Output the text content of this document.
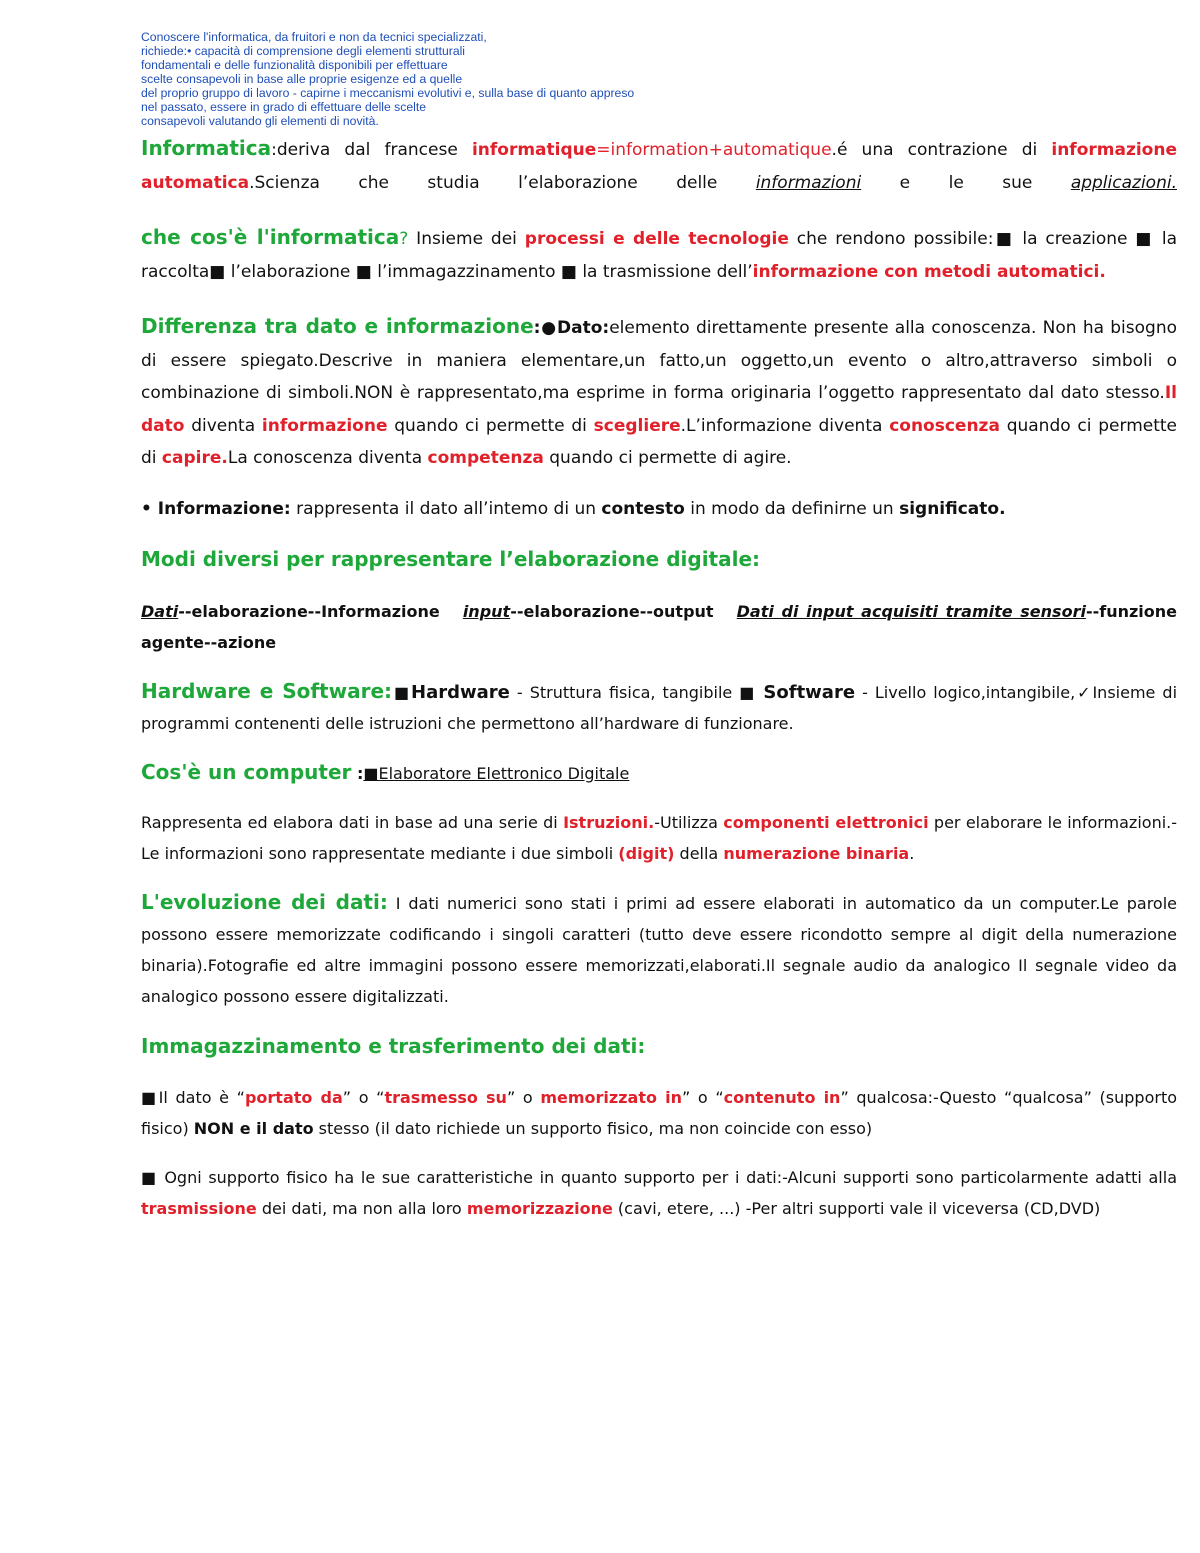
Conoscere l'informatica, da fruitori e non da tecnici specializzati,
richiede:• capacità di comprensione degli elementi strutturali
fondamentali e delle funzionalità disponibili per effettuare
scelte consapevoli in base alle proprie esigenze ed a quelle
del proprio gruppo di lavoro - capirne i meccanismi evolutivi e, sulla base di quanto appreso
nel passato, essere in grado di effettuare delle scelte
consapevoli valutando gli elementi di novità.

Informatica:deriva dal francese informatique=information+automatique.é una contrazione di informazione automatica.Scienza che studia l’elaborazione delle informazioni e le sue applicazioni.

che cos'è l'informatica? Insieme dei processi e delle tecnologie che rendono possibile:■ la creazione ■ la raccolta■ l’elaborazione ■ l’immagazzinamento ■ la trasmissione dell’informazione con metodi automatici.

Differenza tra dato e informazione:●Dato:elemento direttamente presente alla conoscenza. Non ha bisogno di essere spiegato.Descrive in maniera elementare,un fatto,un oggetto,un evento o altro,attraverso simboli o combinazione di simboli.NON è rappresentato,ma esprime in forma originaria l’oggetto rappresentato dal dato stesso.Il dato diventa informazione quando ci permette di scegliere.L’informazione diventa conoscenza quando ci permette di capire.La conoscenza diventa competenza quando ci permette di agire.

• Informazione: rappresenta il dato all’intemo di un contesto in modo da definirne un significato.

Modi diversi per rappresentare l’elaborazione digitale:

Dati--elaborazione--Informazione   input--elaborazione--output   Dati di input acquisiti tramite sensori--funzione agente--azione

Hardware e Software:■Hardware - Struttura fisica, tangibile ■ Software - Livello logico,intangibile,✓Insieme di programmi contenenti delle istruzioni che permettono all’hardware di funzionare.

Cos'è un computer :■Elaboratore Elettronico Digitale

Rappresenta ed elabora dati in base ad una serie di Istruzioni.-Utilizza componenti elettronici per elaborare le informazioni.-Le informazioni sono rappresentate mediante i due simboli (digit) della numerazione binaria.

L'evoluzione dei dati: I dati numerici sono stati i primi ad essere elaborati in automatico da un computer.Le parole possono essere memorizzate codificando i singoli caratteri (tutto deve essere ricondotto sempre al digit della numerazione binaria).Fotografie ed altre immagini possono essere memorizzati,elaborati.Il segnale audio da analogico Il segnale video da analogico possono essere digitalizzati.

Immagazzinamento e trasferimento dei dati:

■Il dato è “portato da” o “trasmesso su” o memorizzato in” o “contenuto in” qualcosa:-Questo “qualcosa” (supporto fisico) NON e il dato stesso (il dato richiede un supporto fisico, ma non coincide con esso)

■ Ogni supporto fisico ha le sue caratteristiche in quanto supporto per i dati:-Alcuni supporti sono particolarmente adatti alla trasmissione dei dati, ma non alla loro memorizzazione (cavi, etere, ...) -Per altri supporti vale il viceversa (CD,DVD)
